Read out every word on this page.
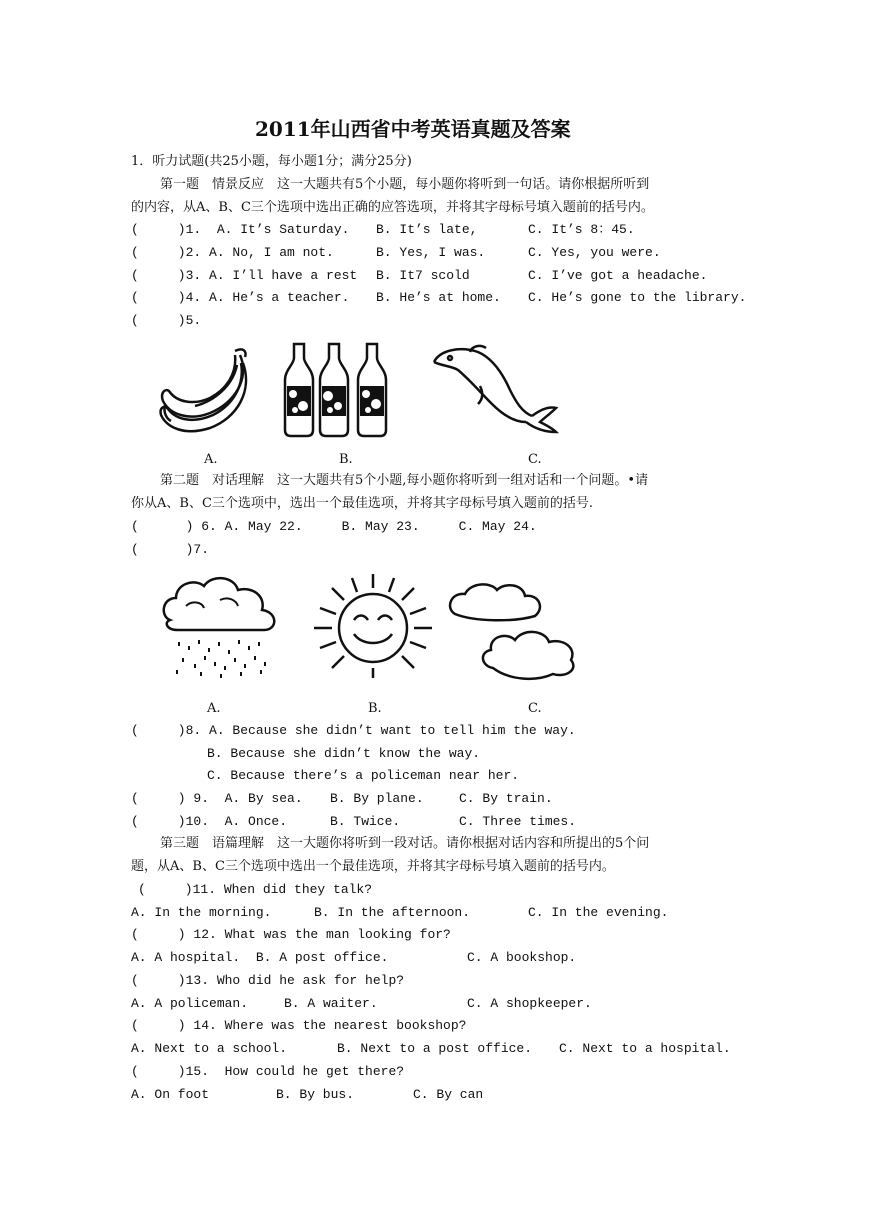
2011年山西省中考英语真题及答案
1．听力试题(共25小题，每小题1分；满分25分)
第一题　情景反应　这一大题共有5个小题，每小题你将听到一句话。请你根据所听到
的内容，从A、B、C三个选项中选出正确的应答选项，并将其字母标号填入题前的括号内。
(     )1.  A. It’s Saturday. B. It’s late,	C. It’s 8：45.
(     )2. A. No, I am not.	B. Yes, I was.	C. Yes, you were.
(     )3. A. I’ll have a rest B. It7 scold	C. I’ve got a headache.
(     )4. A. He’s a teacher. B. He’s at home. C. He’s gone to the library.
(     )5.
A.	B.	C.
第二题　对话理解　这一大题共有5个小题,每小题你将听到一组对话和一个问题。•请
你从A、B、C三个选项中，选出一个最佳选项，并将其字母标号填入题前的括号.
(      ) 6. A. May 22.     B. May 23.     C. May 24.
(      )7.
A.	B.	C.
(     )8. A. Because she didn’t want to tell him the way.
B. Because she didn’t know the way.
C. Because there’s a policeman near her.
(     ) 9.  A. By sea. B. By plane.	C. By train.
(     )10.  A. Once.	B. Twice.	C. Three times.
第三题　语篇理解　这一大题你将听到一段对话。请你根据对话内容和所提出的5个问
题，从A、B、C三个选项中选出一个最佳选项，并将其字母标号填入题前的括号内。
(     )11. When did they talk?
A. In the morning.	B. In the afternoon.	C. In the evening.
(     ) 12. What was the man looking for?
A. A hospital.  B. A post office.	C. A bookshop.
(     )13. Who did he ask for help?
A. A policeman.	B. A waiter.	C. A shopkeeper.
(     ) 14. Where was the nearest bookshop?
A. Next to a school.	B. Next to a post office. C. Next to a hospital.
(     )15.  How could he get there?
A. On foot	B. By bus.	C. By can
